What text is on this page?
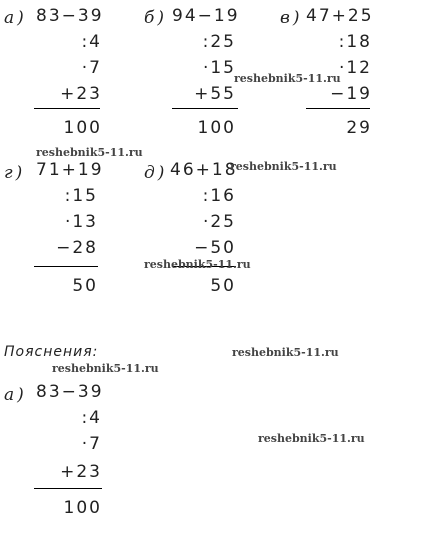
а) 83−39
:4
·7
+23
100
б) 94−19
:25
·15
+55
100
в) 47+25
:18
·12
−19
29
г) 71+19
:15
·13
−28
50
д) 46+18
:16
·25
−50
50
Пояснения:
а) 83−39
:4
·7
+23
100
reshebnik5-11.ru
reshebnik5-11.ru
reshebnik5-11.ru
reshebnik5-11.ru
reshebnik5-11.ru
reshebnik5-11.ru
reshebnik5-11.ru
